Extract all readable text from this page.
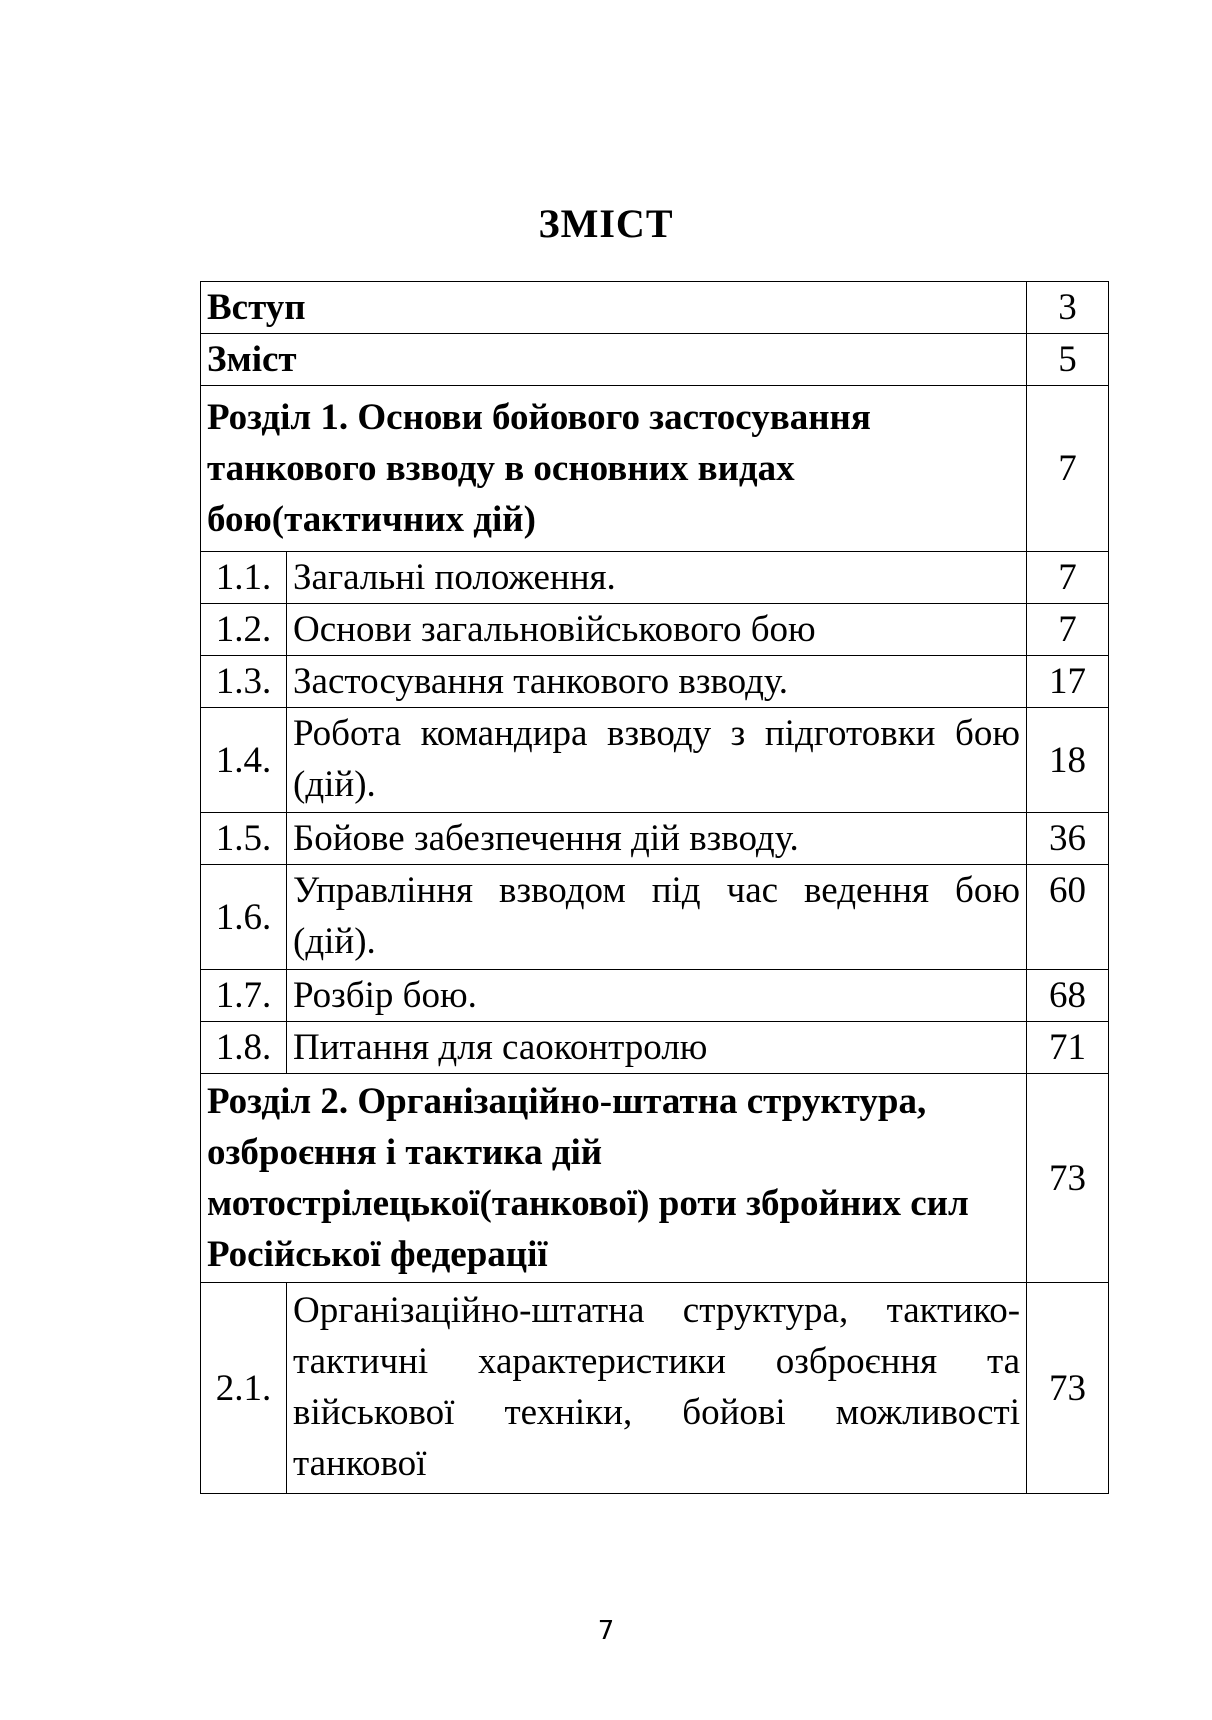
ЗМІСТ
Вступ		3
Зміст		5
Розділ 1. Основи бойового застосування танкового взводу в основних видах бою(тактичних дій)		7
1.1.	Загальні положення.	7
1.2.	Основи загальновійськового бою	7
1.3.	Застосування танкового взводу.	17
1.4.	Робота командира взводу з підготовки бою (дій).	18
1.5.	Бойове забезпечення дій взводу.	36
1.6.	Управління взводом під час ведення бою (дій).	60
1.7.	Розбір бою.	68
1.8.	Питання для саоконтролю	71
Розділ 2. Організаційно-штатна структура, озброєння і тактика дій мотострілецької(танкової) роти збройних сил Російської федерації		73
2.1.	Організаційно-штатна структура, тактико-тактичні характеристики озброєння та військової техніки, бойові можливості танкової	73
7
